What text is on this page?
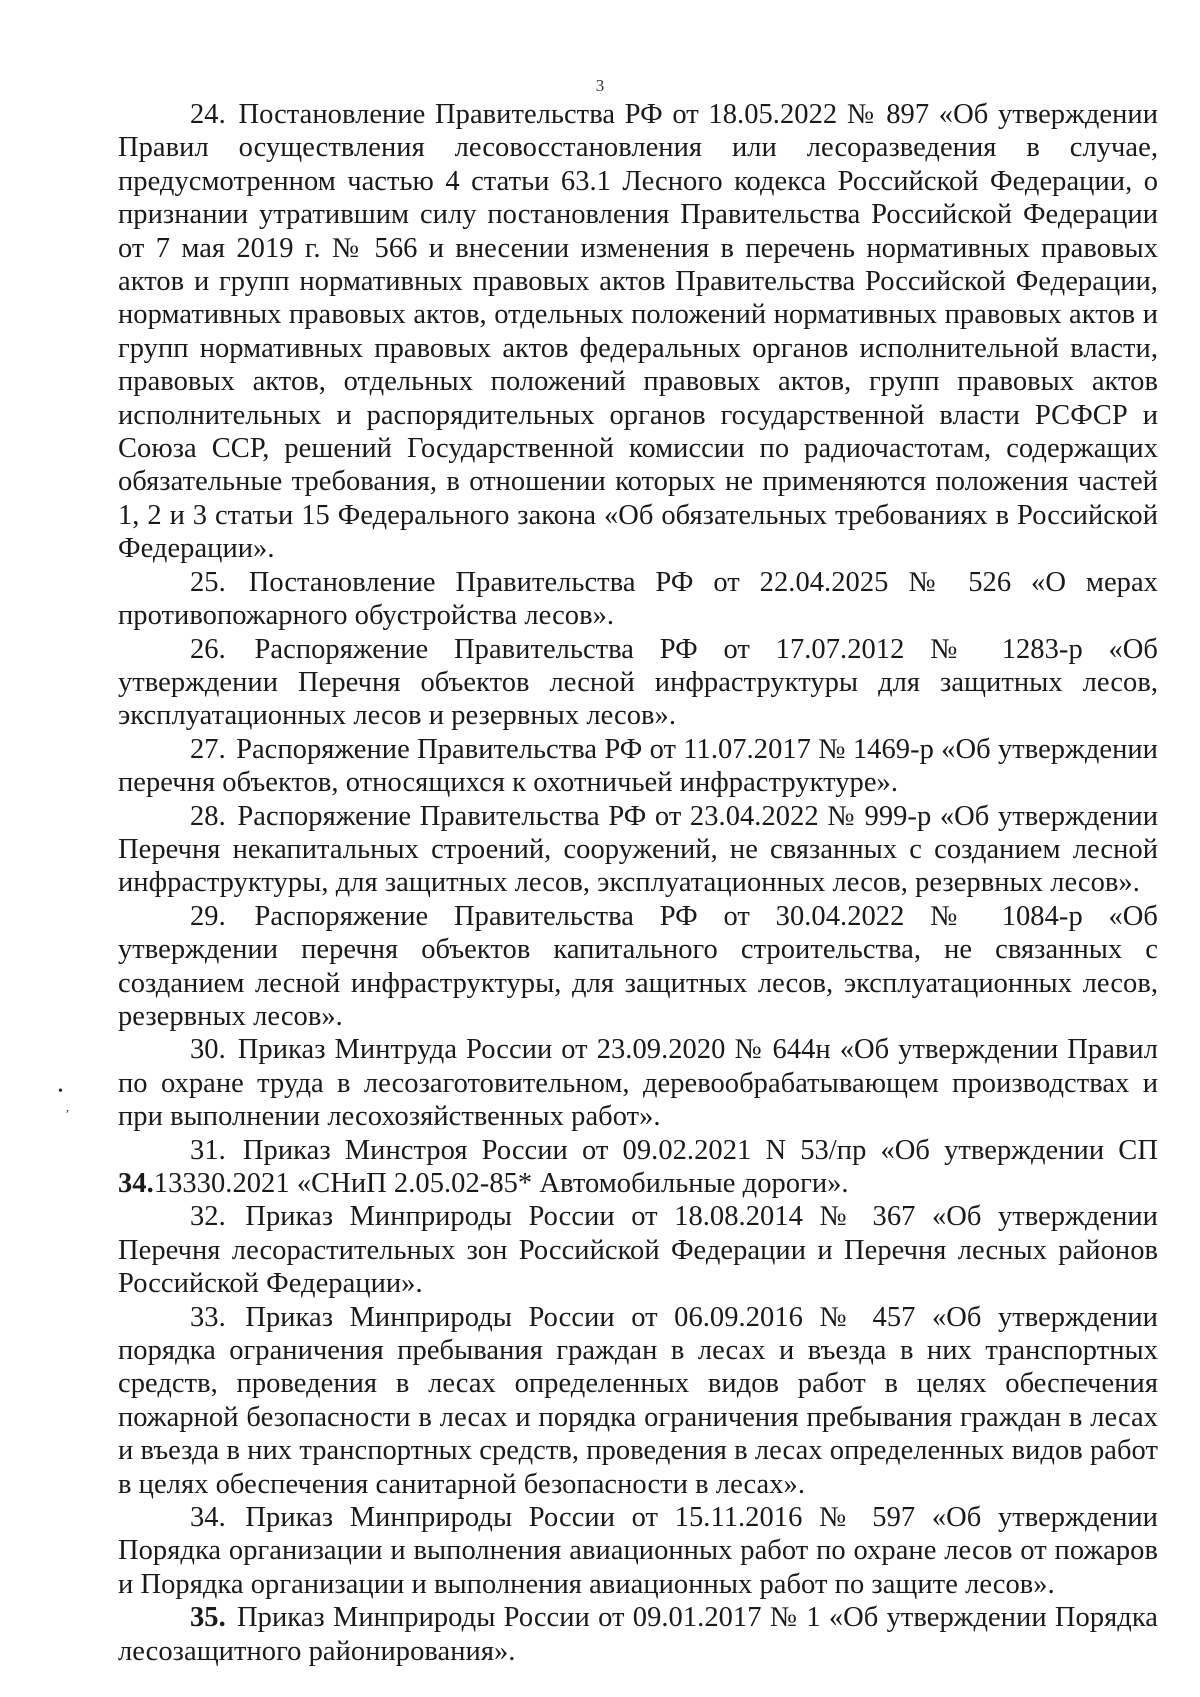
3
•
,

24. Постановление Правительства РФ от 18.05.2022 № 897 «Об утверждении Правил осуществления лесовосстановления или лесоразведения в случае, предусмотренном частью 4 статьи 63.1 Лесного кодекса Российской Федерации, о признании утратившим силу постановления Правительства Российской Федерации от 7 мая 2019 г. № 566 и внесении изменения в перечень нормативных правовых актов и групп нормативных правовых актов Правительства Российской Федерации, нормативных правовых актов, отдельных положений нормативных правовых актов и групп нормативных правовых актов федеральных органов исполнительной власти, правовых актов, отдельных положений правовых актов, групп правовых актов исполнительных и распорядительных органов государственной власти РСФСР и Союза ССР, решений Государственной комиссии по радиочастотам, содержащих обязательные требования, в отношении которых не применяются положения частей 1, 2 и 3 статьи 15 Федерального закона «Об обязательных требованиях в Российской Федерации».

25. Постановление Правительства РФ от 22.04.2025 № 526 «О мерах противопожарного обустройства лесов».

26. Распоряжение Правительства РФ от 17.07.2012 № 1283-р «Об утверждении Перечня объектов лесной инфраструктуры для защитных лесов, эксплуатационных лесов и резервных лесов».

27. Распоряжение Правительства РФ от 11.07.2017 № 1469-р «Об утверждении перечня объектов, относящихся к охотничьей инфраструктуре».

28. Распоряжение Правительства РФ от 23.04.2022 № 999-р «Об утверждении Перечня некапитальных строений, сооружений, не связанных с созданием лесной инфраструктуры, для защитных лесов, эксплуатационных лесов, резервных лесов».

29. Распоряжение Правительства РФ от 30.04.2022 № 1084-р «Об утверждении перечня объектов капитального строительства, не связанных с созданием лесной инфраструктуры, для защитных лесов, эксплуатационных лесов, резервных лесов».

30. Приказ Минтруда России от 23.09.2020 № 644н «Об утверждении Правил по охране труда в лесозаготовительном, деревообрабатывающем производствах и при выполнении лесохозяйственных работ».

31. Приказ Минстроя России от 09.02.2021 N 53/пр «Об утверждении СП 34.13330.2021 «СНиП 2.05.02-85* Автомобильные дороги».

32. Приказ Минприроды России от 18.08.2014 № 367 «Об утверждении Перечня лесорастительных зон Российской Федерации и Перечня лесных районов Российской Федерации».

33. Приказ Минприроды России от 06.09.2016 № 457 «Об утверждении порядка ограничения пребывания граждан в лесах и въезда в них транспортных средств, проведения в лесах определенных видов работ в целях обеспечения пожарной безопасности в лесах и порядка ограничения пребывания граждан в лесах и въезда в них транспортных средств, проведения в лесах определенных видов работ в целях обеспечения санитарной безопасности в лесах».

34. Приказ Минприроды России от 15.11.2016 № 597 «Об утверждении Порядка организации и выполнения авиационных работ по охране лесов от пожаров и Порядка организации и выполнения авиационных работ по защите лесов».

35. Приказ Минприроды России от 09.01.2017 № 1 «Об утверждении Порядка лесозащитного районирования».
